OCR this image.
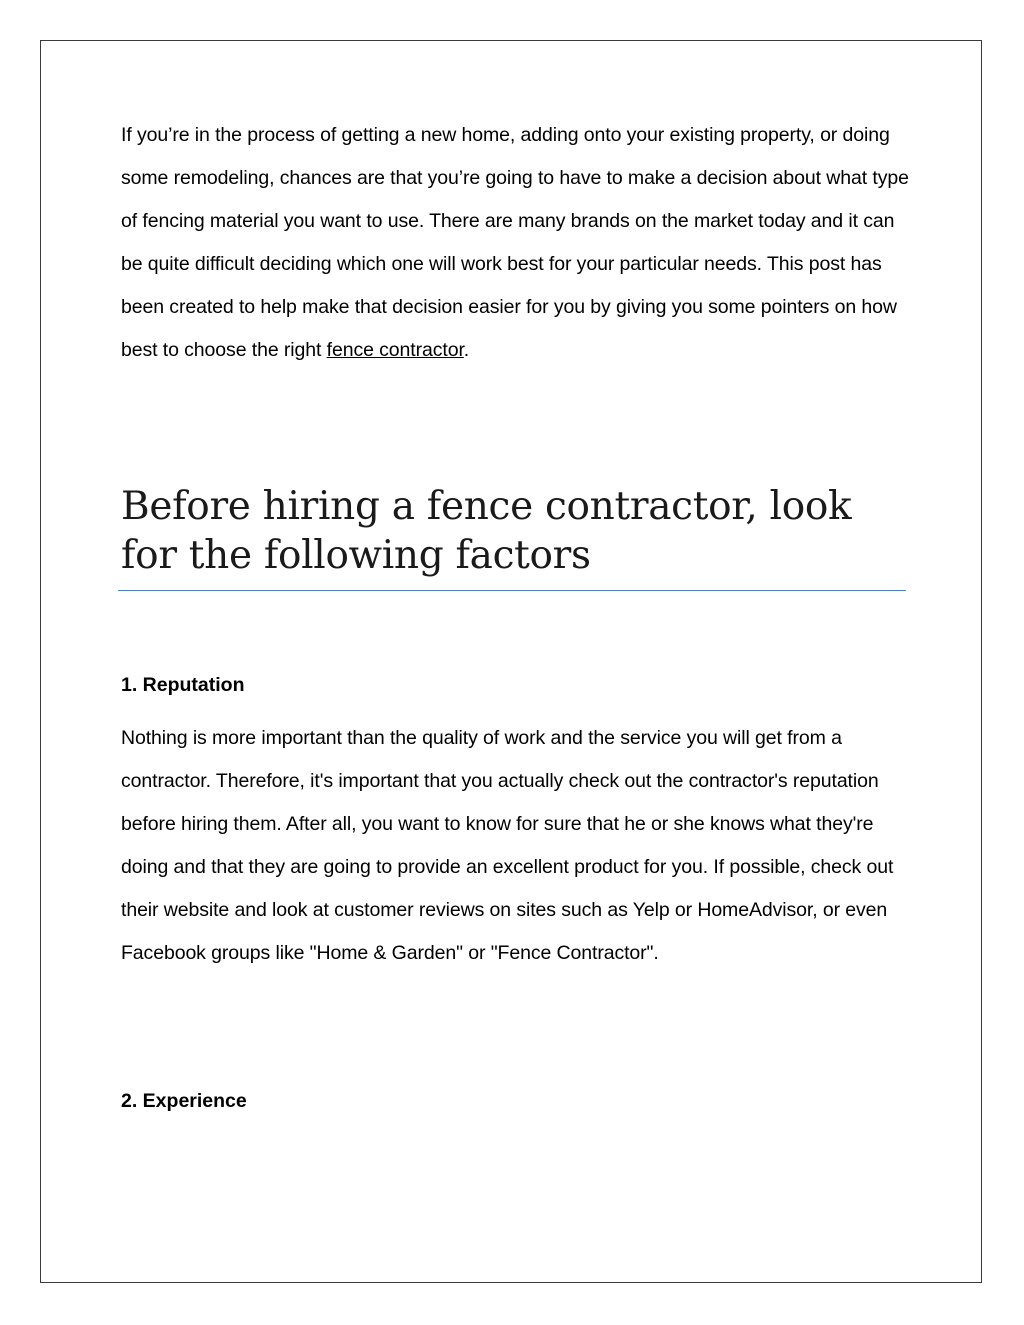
If you’re in the process of getting a new home, adding onto your existing property, or doing some remodeling, chances are that you’re going to have to make a decision about what type of fencing material you want to use. There are many brands on the market today and it can be quite difficult deciding which one will work best for your particular needs. This post has been created to help make that decision easier for you by giving you some pointers on how best to choose the right fence contractor.

Before hiring a fence contractor, look for the following factors
1. Reputation

Nothing is more important than the quality of work and the service you will get from a contractor. Therefore, it's important that you actually check out the contractor's reputation before hiring them. After all, you want to know for sure that he or she knows what they're doing and that they are going to provide an excellent product for you. If possible, check out their website and look at customer reviews on sites such as Yelp or HomeAdvisor, or even Facebook groups like "Home & Garden" or "Fence Contractor".

2. Experience
